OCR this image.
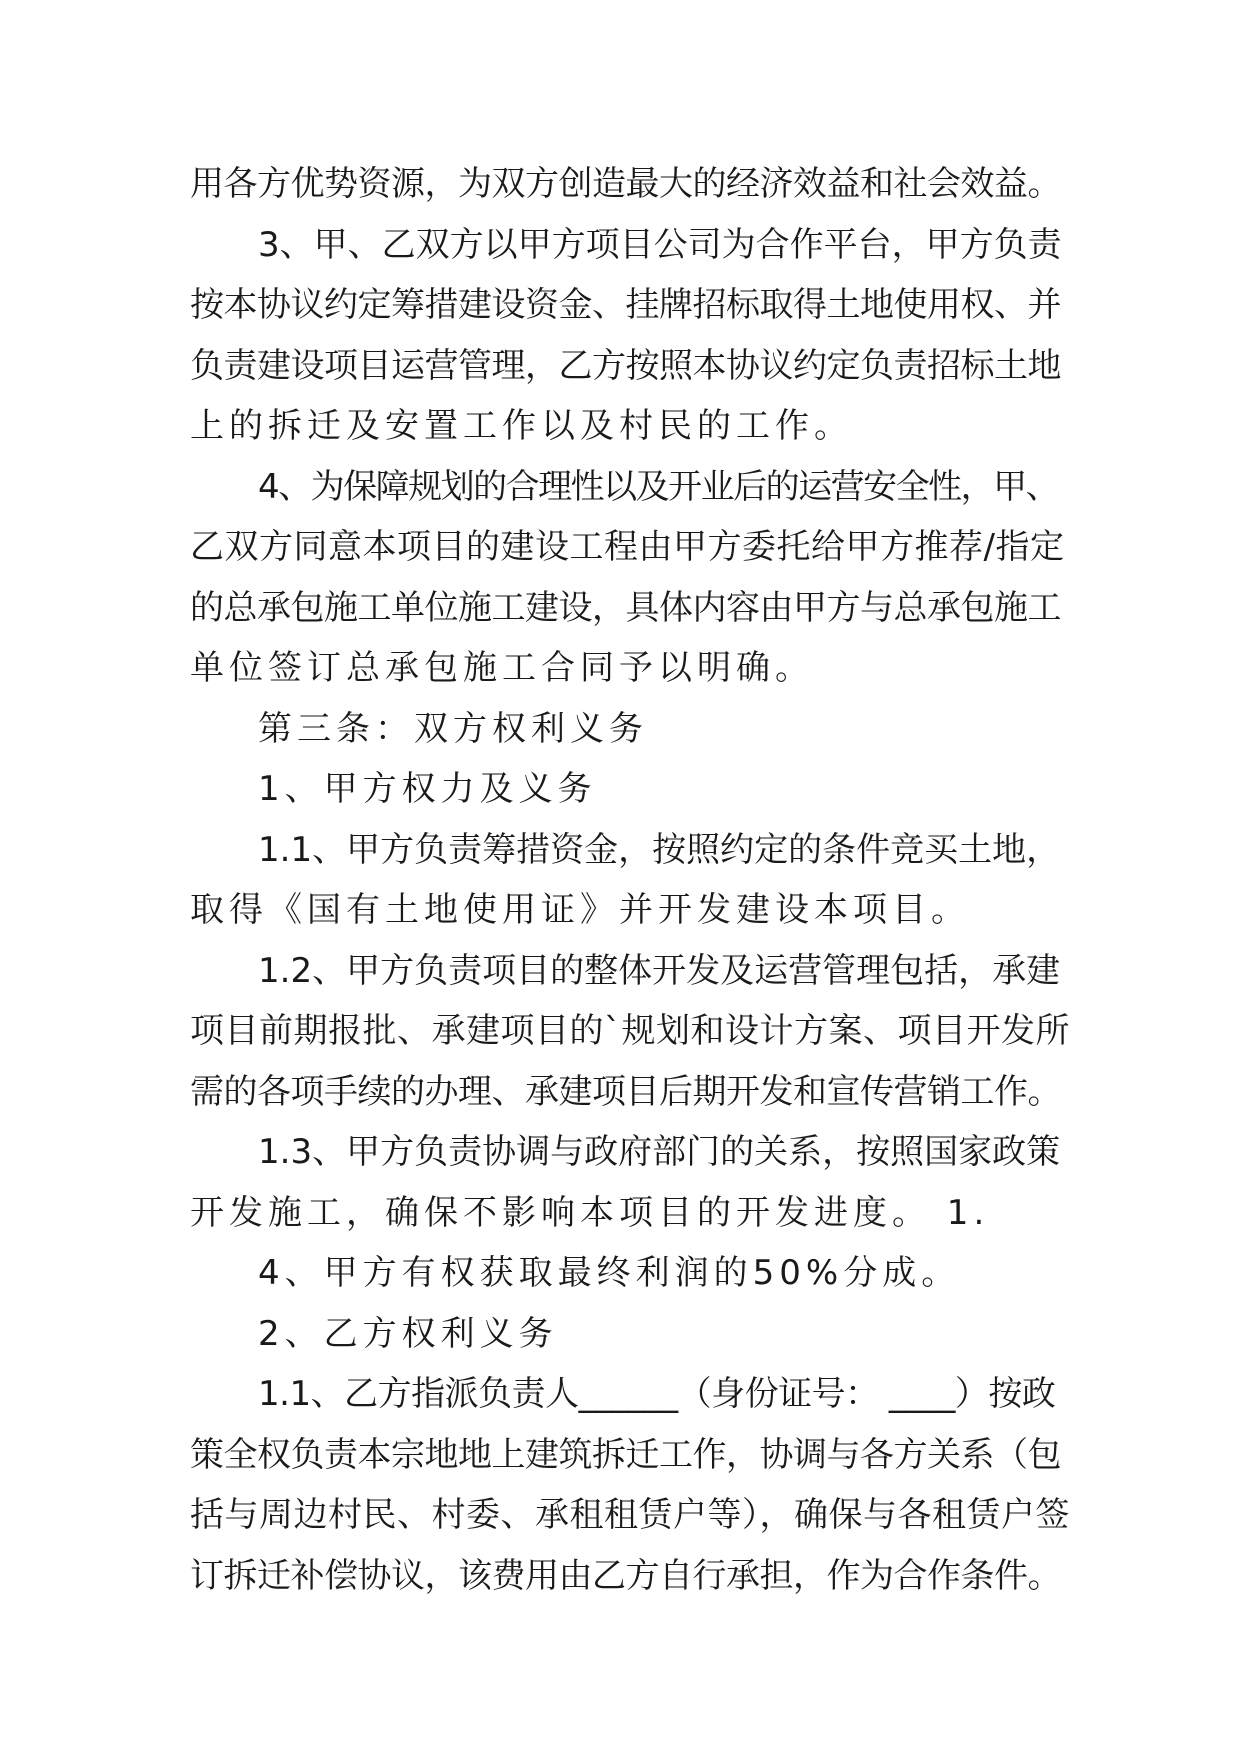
用各方优势资源，为双方创造最大的经济效益和社会效益。
3、甲、乙双方以甲方项目公司为合作平台，甲方负责
按本协议约定筹措建设资金、挂牌招标取得土地使用权、并
负责建设项目运营管理，乙方按照本协议约定负责招标土地
上的拆迁及安置工作以及村民的工作。
4、为保障规划的合理性以及开业后的运营安全性，甲、
乙双方同意本项目的建设工程由甲方委托给甲方推荐/指定
的总承包施工单位施工建设，具体内容由甲方与总承包施工
单位签订总承包施工合同予以明确。
第三条：双方权利义务
1、甲方权力及义务
1.1、甲方负责筹措资金，按照约定的条件竞买土地，
取得《国有土地使用证》并开发建设本项目。
1.2、甲方负责项目的整体开发及运营管理包括，承建
项目前期报批、承建项目的`规划和设计方案、项目开发所
需的各项手续的办理、承建项目后期开发和宣传营销工作。
1.3、甲方负责协调与政府部门的关系，按照国家政策
开发施工，确保不影响本项目的开发进度。 1.
4、甲方有权获取最终利润的50%分成。
2、乙方权利义务
1.1、乙方指派负责人______（身份证号： ____）按政
策全权负责本宗地地上建筑拆迁工作，协调与各方关系（包
括与周边村民、村委、承租租赁户等），确保与各租赁户签
订拆迁补偿协议，该费用由乙方自行承担，作为合作条件。
